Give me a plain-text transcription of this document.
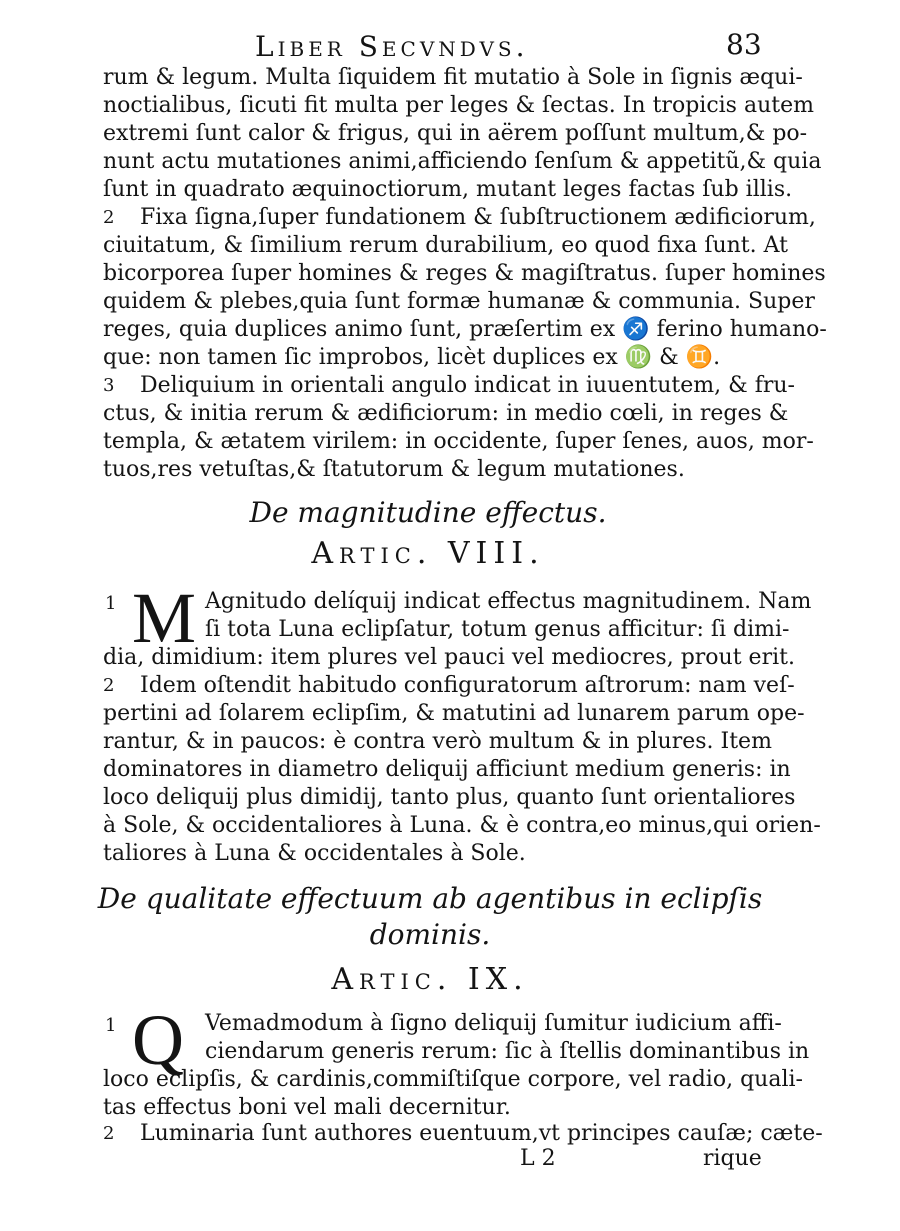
Liber Secvndvs.	83
rum & legum. Multa ſiquidem fit mutatio à Sole in ſignis æqui-
noctialibus, ſicuti fit multa per leges & ſectas. In tropicis autem
extremi ſunt calor & frigus, qui in aërem poſſunt multum,& po-
nunt actu mutationes animi,afficiendo ſenſum & appetitũ,& quia
ſunt in quadrato æquinoctiorum, mutant leges factas ſub illis.
2	Fixa ſigna,ſuper fundationem & ſubſtructionem ædificiorum,
ciuitatum, & ſimilium rerum durabilium, eo quod fixa ſunt. At
bicorporea ſuper homines & reges & magiſtratus. ſuper homines
quidem & plebes,quia ſunt formæ humanæ & communia. Super
reges, quia duplices animo ſunt, præſertim ex ♐ ferino humano-
que: non tamen ſic improbos, licèt duplices ex ♍ & ♊.
3	Deliquium in orientali angulo indicat in iuuentutem, & fru-
ctus, & initia rerum & ædificiorum: in medio cœli, in reges &
templa, & ætatem virilem: in occidente, ſuper ſenes, auos, mor-
tuos,res vetuſtas,& ſtatutorum & legum mutationes.
De magnitudine effectus.
Artic. VIII.
1 M Agnitudo delíquij indicat effectus magnitudinem. Nam
ſi tota Luna eclipſatur, totum genus afficitur: ſi dimi-
dia, dimidium: item plures vel pauci vel mediocres, prout erit.
2	Idem oſtendit habitudo configuratorum aſtrorum: nam veſ-
pertini ad ſolarem eclipſim, & matutini ad lunarem parum ope-
rantur, & in paucos: è contra verò multum & in plures. Item
dominatores in diametro deliquij afficiunt medium generis: in
loco deliquij plus dimidij, tanto plus, quanto ſunt orientaliores
à Sole, & occidentaliores à Luna. & è contra,eo minus,qui orien-
taliores à Luna & occidentales à Sole.
De qualitate effectuum ab agentibus in eclipſis
dominis.
Artic. IX.
1 Q Vemadmodum à ſigno deliquij ſumitur iudicium affi-
ciendarum generis rerum: ſic à ſtellis dominantibus in
loco eclipſis, & cardinis,commiſtiſque corpore, vel radio, quali-
tas effectus boni vel mali decernitur.
2	Luminaria ſunt authores euentuum,vt principes cauſæ; cæte-
L 2	rique
